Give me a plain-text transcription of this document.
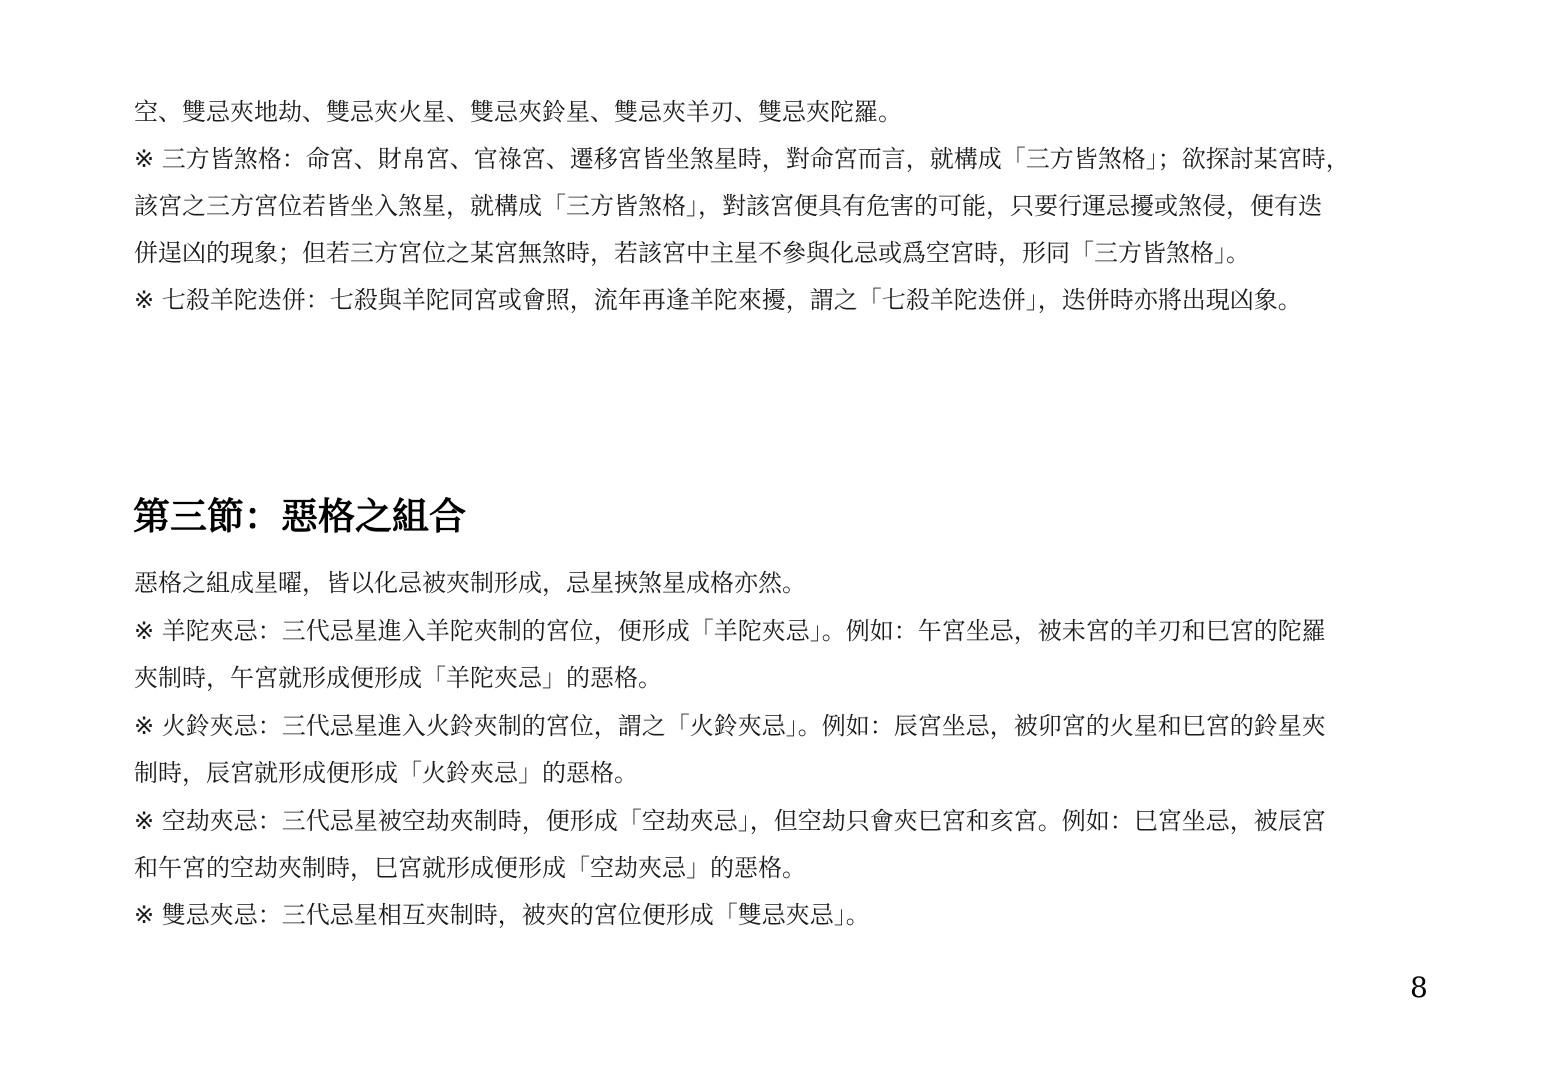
空、雙忌夾地劫、雙忌夾火星、雙忌夾鈴星、雙忌夾羊刃、雙忌夾陀羅。
※ 三方皆煞格：命宮、財帛宮、官祿宮、遷移宮皆坐煞星時，對命宮而言，就構成「三方皆煞格」；欲探討某宮時，
該宮之三方宮位若皆坐入煞星，就構成「三方皆煞格」，對該宮便具有危害的可能，只要行運忌擾或煞侵，便有迭
併逞凶的現象；但若三方宮位之某宮無煞時，若該宮中主星不參與化忌或爲空宮時，形同「三方皆煞格」。
※ 七殺羊陀迭併：七殺與羊陀同宮或會照，流年再逢羊陀來擾，謂之「七殺羊陀迭併」，迭併時亦將出現凶象。
第三節：惡格之組合
惡格之組成星曜，皆以化忌被夾制形成，忌星挾煞星成格亦然。
※ 羊陀夾忌：三代忌星進入羊陀夾制的宮位，便形成「羊陀夾忌」。例如：午宮坐忌，被未宮的羊刃和巳宮的陀羅
夾制時，午宮就形成便形成「羊陀夾忌」的惡格。
※ 火鈴夾忌：三代忌星進入火鈴夾制的宮位，謂之「火鈴夾忌」。例如：辰宮坐忌，被卯宮的火星和巳宮的鈴星夾
制時，辰宮就形成便形成「火鈴夾忌」的惡格。
※ 空劫夾忌：三代忌星被空劫夾制時，便形成「空劫夾忌」，但空劫只會夾巳宮和亥宮。例如：巳宮坐忌，被辰宮
和午宮的空劫夾制時，巳宮就形成便形成「空劫夾忌」的惡格。
※ 雙忌夾忌：三代忌星相互夾制時，被夾的宮位便形成「雙忌夾忌」。
8
